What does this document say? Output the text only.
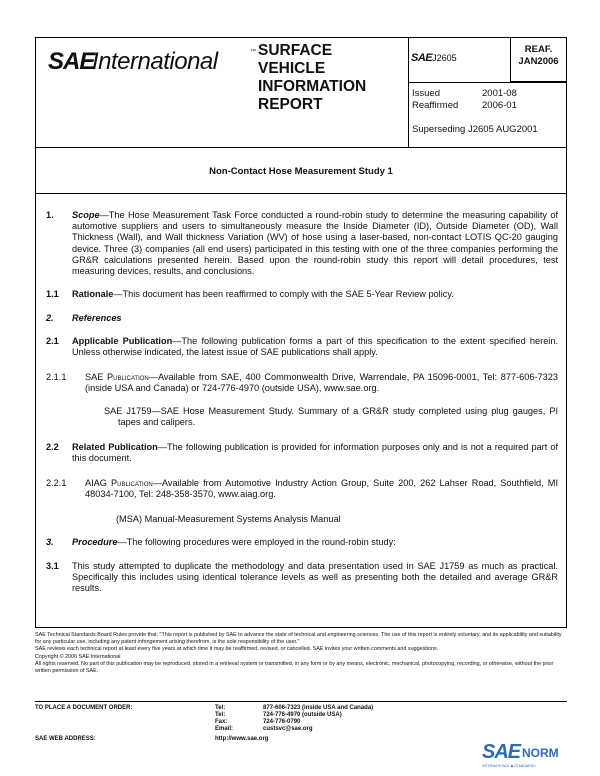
SAE
International	™ SURFACE VEHICLE INFORMATION REPORT
SAEJ2605
REAF. JAN2006
Issued	2001-08
Reaffirmed	2006-01
Superseding J2605 AUG2001
Non-Contact Hose Measurement Study 1
1. Scope—The Hose Measurement Task Force conducted a round-robin study to determine the measuring capability of automotive suppliers and users to simultaneously measure the Inside Diameter (ID), Outside Diameter (OD), Wall Thickness (Wall), and Wall thickness Variation (WV) of hose using a laser-based, non-contact LOTIS QC-20 gauging device. Three (3) companies (all end users) participated in this testing with one of the three companies performing the GR&R calculations presented herein. Based upon the round-robin study this report will detail procedures, test measuring devices, results, and conclusions.
1.1 Rationale—This document has been reaffirmed to comply with the SAE 5-Year Review policy.
2. References
2.1 Applicable Publication—The following publication forms a part of this specification to the extent specified herein. Unless otherwise indicated, the latest issue of SAE publications shall apply.
2.1.1 SAE Publication—Available from SAE, 400 Commonwealth Drive, Warrendale, PA 15096-0001, Tel: 877-606-7323 (inside USA and Canada) or 724-776-4970 (outside USA), www.sae.org.
SAE J1759—SAE Hose Measurement Study. Summary of a GR&R study completed using plug gauges, PI tapes and calipers.
2.2 Related Publication—The following publication is provided for information purposes only and is not a required part of this document.
2.2.1 AIAG Publication—Available from Automotive Industry Action Group, Suite 200, 262 Lahser Road, Southfield, MI 48034-7100, Tel: 248-358-3570, www.aiag.org.
(MSA) Manual-Measurement Systems Analysis Manual
3. Procedure—The following procedures were employed in the round-robin study:
3.1 This study attempted to duplicate the methodology and data presentation used in SAE J1759 as much as practical. Specifically this includes using identical tolerance levels as well as presenting both the detailed and average GR&R results.

SAE Technical Standards Board Rules provide that: "This report is published by SAE to advance the state of technical and engineering sciences. The use of this report is entirely voluntary, and its applicability and suitability for any particular use, including any patent infringement arising therefrom, is the sole responsibility of the user."

SAE reviews each technical report at least every five years at which time it may be reaffirmed, revised, or cancelled. SAE invites your written comments and suggestions.

Copyright © 2006 SAE International

All rights reserved. No part of this publication may be reproduced, stored in a retrieval system or transmitted, in any form or by any means, electronic, mechanical, photocopying, recording, or otherwise, without the prior written permission of SAE.

TO PLACE A DOCUMENT ORDER:	Tel:	877-606-7323 (inside USA and Canada)
Tel:	724-776-4970 (outside USA)
Fax:	724-776-0790
Email:	custsvc@sae.org
SAE WEB ADDRESS:	http://www.sae.org
SAE NORM
INTERNATIONAL ◆ STANDARDS
